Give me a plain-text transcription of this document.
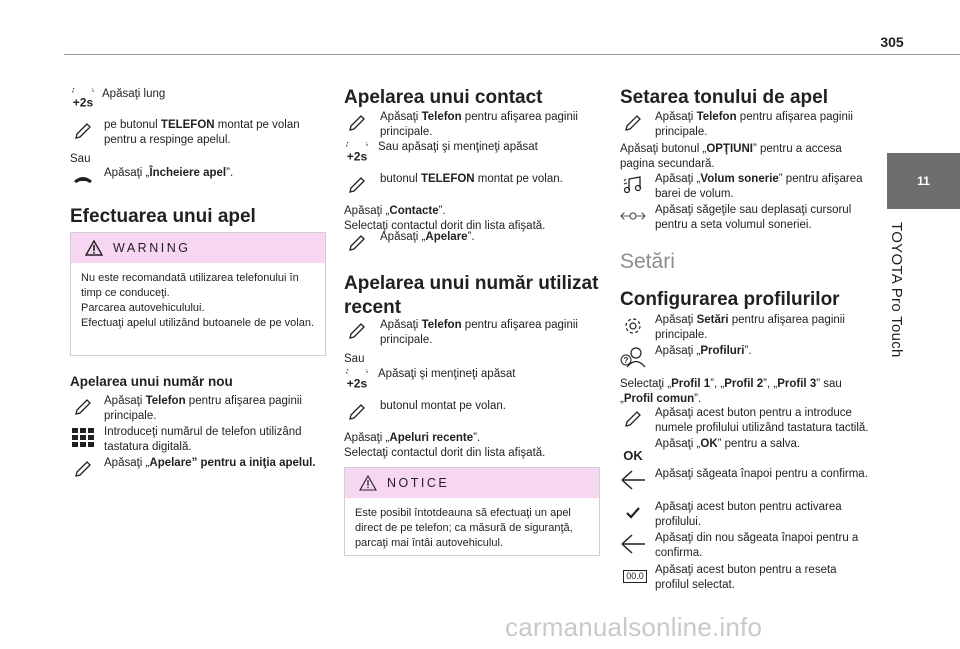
305
11
TOYOTA Pro Touch
+2s
Apăsaţi lung
pe butonul TELEFON montat pe volan pentru a respinge apelul.
Sau
Apăsaţi „Încheiere apel”.
Efectuarea unui apel
WARNING
Nu este recomandată utilizarea telefonului în timp ce conduceţi.
Parcarea autovehiculului.
Efectuaţi apelul utilizând butoanele de pe volan.
Apelarea unui număr nou
Apăsaţi Telefon pentru afişarea paginii principale.
Introduceţi numărul de telefon utilizând tastatura digitală.
Apăsaţi „Apelare” pentru a iniţia apelul.
Apelarea unui contact
Apăsaţi Telefon pentru afişarea paginii principale.
+2s
Sau apăsaţi şi menţineţi apăsat
butonul TELEFON montat pe volan.
Apăsaţi „Contacte”.
Selectaţi contactul dorit din lista afişată.
Apăsaţi „Apelare”.
Apelarea unui număr utilizat
recent
Apăsaţi Telefon pentru afişarea paginii principale.
Sau
+2s
Apăsaţi şi menţineţi apăsat
butonul montat pe volan.
Apăsaţi „Apeluri recente”.
Selectaţi contactul dorit din lista afişată.
NOTICE
Este posibil întotdeauna să efectuaţi un apel direct de pe telefon; ca măsură de siguranţă, parcaţi mai întâi autovehiculul.
Setarea tonului de apel
Apăsaţi Telefon pentru afişarea paginii principale.
Apăsaţi butonul „OPŢIUNI” pentru a accesa pagina secundară.
Apăsaţi „Volum sonerie” pentru afişarea barei de volum.
Apăsaţi săgeţile sau deplasaţi cursorul pentru a seta volumul soneriei.
Setări
Configurarea profilurilor
Apăsaţi Setări pentru afişarea paginii principale.
?
Apăsaţi „Profiluri”.
Selectaţi „Profil 1”, „Profil 2”, „Profil 3” sau „Profil comun”.
Apăsaţi acest buton pentru a introduce numele profilului utilizând tastatura tactilă.
OK
Apăsaţi „OK” pentru a salva.
Apăsaţi săgeata înapoi pentru a confirma.
Apăsaţi acest buton pentru activarea profilului.
Apăsaţi din nou săgeata înapoi pentru a confirma.
00.0 Apăsaţi acest buton pentru a reseta profilul selectat.
carmanualsonline.info
